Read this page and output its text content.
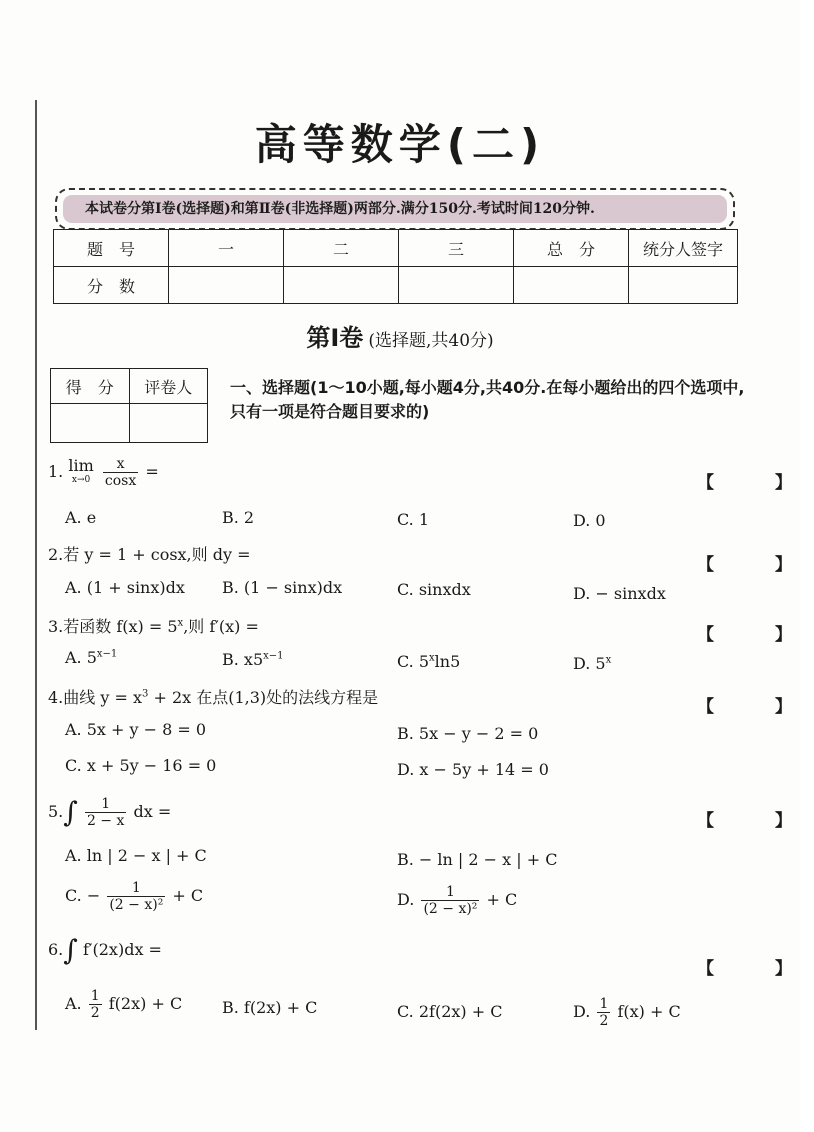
高等数学(二)
本试卷分第Ⅰ卷(选择题)和第Ⅱ卷(非选择题)两部分.满分150分.考试时间120分钟.
题　号	一	二	三	总　分	统分人签字
分　数					
第Ⅰ卷 (选择题,共40分)
得　分	评卷人
	一、选择题(1～10小题,每小题4分,共40分.在每小题给出的四个选项中,只有一项是符合题目要求的)
1. lim
x→0
$\frac{x}{\cos x}$ =
【　】
A. e	B. 2	C. 1	D. 0
2.若 y = 1 + cosx,则 dy =
【　】
A. (1 + sinx)dx B. (1 − sinx)dx	C. sinxdx	D. − sinxdx
3.若函数 $f(x) = 5^x$,则 f′(x) =	【　】
A. $5^{x-1}$	B. $x5^{x-1}$	C. 5$^x$ln5	D. 5$^x$
4.曲线 $y = x^3 + 2x$ 在点(1,3)处的法线方程是	【　】
A. 5x + y − 8 = 0	B. 5x − y − 2 = 0
C. x + 5y − 16 = 0	D. x − 5y + 14 = 0
$5.\int \frac{1}{2 - x}$ dx =	【　】
A. ln | 2 − x | + C	B. − ln | 2 − x | + C
C. − $\frac{1}{\text{(2 − x)²}} + C$	D. $\frac{1}{\text{(2 − x)²}} + C$
6.∫ f′(2x)dx =
【　】
A. $\frac{1}{2} f(2x) + C$ B. f(2x) + C	C. 2f(2x) + C	D. $\frac{1}{2} f(x) + C$
